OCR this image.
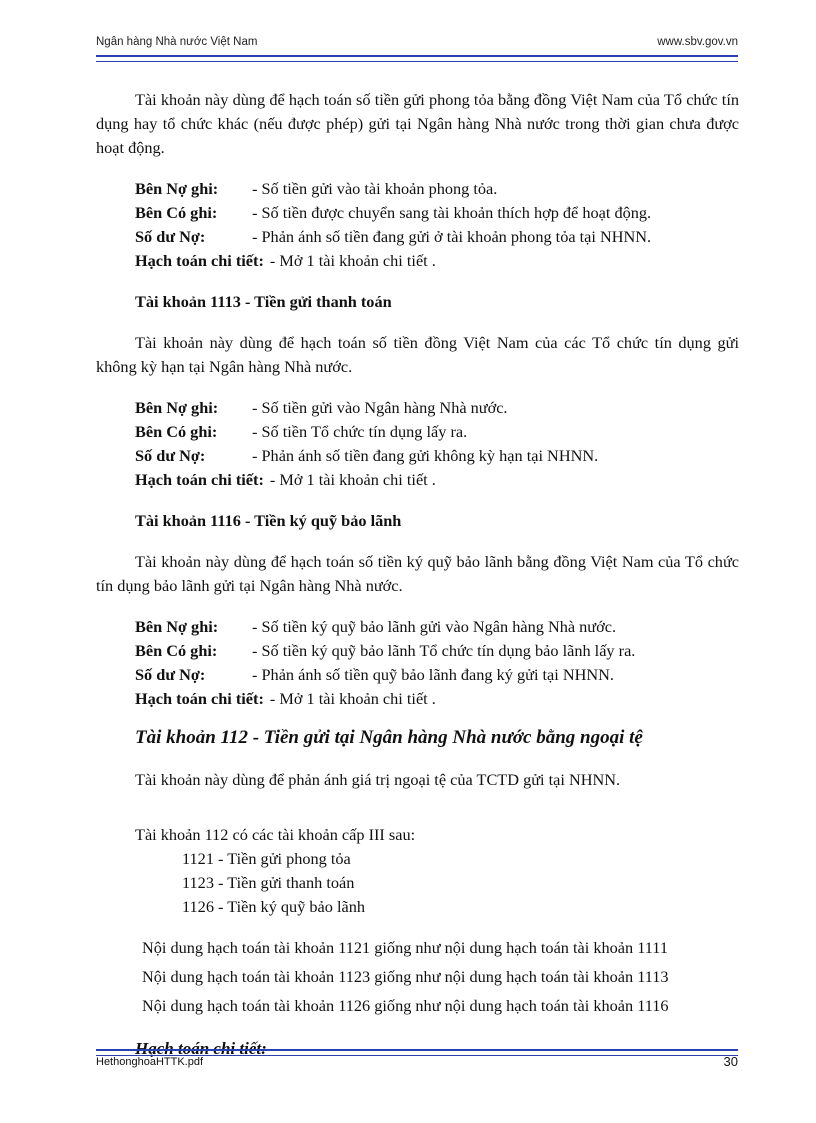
Ngân hàng Nhà nước Việt Nam	www.sbv.gov.vn

Tài khoản này dùng để hạch toán số tiền gửi phong tỏa bằng đồng Việt Nam của Tổ chức tín dụng hay tổ chức khác (nếu được phép) gửi tại Ngân hàng Nhà nước trong thời gian chưa được hoạt động.

Bên Nợ ghi: - Số tiền gửi vào tài khoản phong tỏa.
Bên Có ghi: - Số tiền được chuyển sang tài khoản thích hợp để hoạt động.
Số dư Nợ:	- Phản ánh số tiền đang gửi ở tài khoản phong tỏa tại NHNN.
Hạch toán chi tiết: - Mở 1 tài khoản chi tiết .

Tài khoản 1113 - Tiền gửi thanh toán

Tài khoản này dùng để hạch toán số tiền đồng Việt Nam của các Tổ chức tín dụng gửi không kỳ hạn tại Ngân hàng Nhà nước.

Bên Nợ ghi: - Số tiền gửi vào Ngân hàng Nhà nước.
Bên Có ghi: - Số tiền Tổ chức tín dụng lấy ra.
Số dư Nợ:	- Phản ánh số tiền đang gửi không kỳ hạn tại NHNN.
Hạch toán chi tiết: - Mở 1 tài khoản chi tiết .

Tài khoản 1116 - Tiền ký quỹ bảo lãnh

Tài khoản này dùng để hạch toán số tiền ký quỹ bảo lãnh bằng đồng Việt Nam của Tổ chức tín dụng bảo lãnh gửi tại Ngân hàng Nhà nước.

Bên Nợ ghi: - Số tiền ký quỹ bảo lãnh gửi vào Ngân hàng Nhà nước.
Bên Có ghi: - Số tiền ký quỹ bảo lãnh Tổ chức tín dụng bảo lãnh lấy ra.
Số dư Nợ:	- Phản ánh số tiền quỹ bảo lãnh đang ký gửi tại NHNN.
Hạch toán chi tiết: - Mở 1 tài khoản chi tiết .

Tài khoản 112 - Tiền gửi tại Ngân hàng Nhà nước bằng ngoại tệ

Tài khoản này dùng để phản ánh giá trị ngoại tệ của TCTD gửi tại NHNN.

Tài khoản 112 có các tài khoản cấp III sau:

1121 - Tiền gửi phong tỏa

1123 - Tiền gửi thanh toán

1126 - Tiền ký quỹ bảo lãnh

Nội dung hạch toán tài khoản 1121 giống như nội dung hạch toán tài khoản 1111

Nội dung hạch toán tài khoản 1123 giống như nội dung hạch toán tài khoản 1113

Nội dung hạch toán tài khoản 1126 giống như nội dung hạch toán tài khoản 1116

Hạch toán chi tiết:

HethonghoaHTTK.pdf	30
